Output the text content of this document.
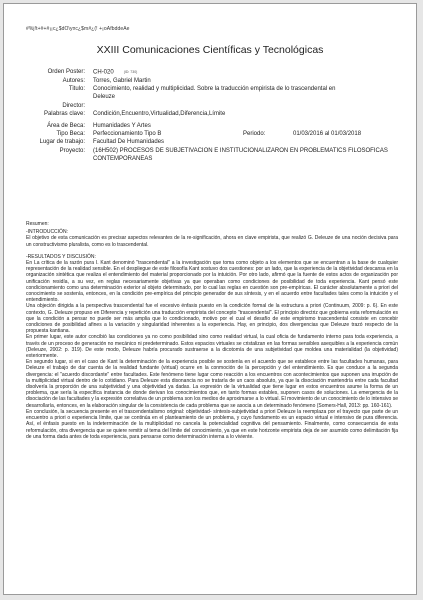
#%j!t+#+#¡¡c¿$dO\y¤c¿$m#¿(! +¡oAfbddeAe
XXIII Comunicaciones Científicas y Tecnológicas
Orden Poster:	CH-020	(ID: 730)
Autores:	Torres, Gabriel Martin
Titulo:	Conocimiento, realidad y multiplicidad. Sobre la traducción empirista de lo trascendental en
Deleuze
Director:
Palabras clave:	Condición,Encuentro,Virtualidad,Diferencia,Límite
Área de Beca:	Humanidades Y Artes
Tipo Beca:	Perfeccionamiento Tipo B	Periodo:	01/03/2016 al 01/03/2018
Lugar de trabajo:	Facultad De Humanidades
Proyecto:	(16H502) PROCESOS DE SUBJETIVACION E INSTITUCIONALIZARON EN PROBLEMATICS FILOSOFICAS
CONTEMPORANEAS

Resumen:

-INTRODUCCIÓN:

El objetivo de esta comunicación es precisar aspectos relevantes de la re-significación, ahora en clave empirista, que realizó G. Deleuze de una noción decisiva para un constructivismo pluralista, como es lo trascendental.

-RESULTADOS Y DISCUSIÓN:

En La crítica de la razón pura I. Kant denominó "trascendental" a la investigación que toma como objeto a los elementos que se encuentran a la base de cualquier representación de la realidad sensible. En el despliegue de este filosofía Kant sostuvo dos cuestiones: por un lado, que la experiencia de la objetividad descansa en la organización sintética que realiza el entendimiento del material proporcionado por la intuición. Por otro lado, afirmó que la fuente de estos actos de organización por unificación residía, a su vez, en reglas necesariamente objetivas ya que operaban como condiciones de posibilidad de toda experiencia. Kant pensó este condicionamiento como una determinación exterior al objeto determinado, por lo cual las reglas en cuestión son pre-empíricas. El carácter absolutamente a priori del conocimiento se sostenía, entonces, en la condición pre-empírica del principio generador de sus síntesis, y en el acuerdo entre facultades tales como la intuición y el entendimiento.

Una objeción dirigida a la perspectiva trascendental fue el excesivo énfasis puesto en la condición formal de la estructura a priori (Continuum, 2009: p. 6). En este contexto, G. Deleuze propuso en Diferencia y repetición una traducción empirista del concepto "trascendental". El principio directriz que gobierna esta reformulación es que la condición a pensar no puede ser más amplia que lo condicionado, motivo por el cual el desafío de este empirismo trascendental consiste en concebir condiciones de posibilidad afines a la variación y singularidad inherentes a la experiencia. Hay, en principio, dos divergencias que Deleuze trazó respecto de la propuesta kantiana.

En primer lugar, este autor concibió las condiciones ya no como posibilidad sino como realidad virtual, la cual oficia de fundamento interno para toda experiencia, a través de un proceso de generación no mecánico ni predeterminado. Estos espacios virtuales se cristalizan en las formas sensibles asequibles a la experiencia común (Deleuze, 2002: p. 319). De este modo, Deleuze habría procurado sustraerse a la dicotomía de una subjetividad que moldea una materialidad (la objetividad) exteriormente.

En segundo lugar, si en el caso de Kant la determinación de la experiencia posible se sostenía en el acuerdo que se establece entre las facultades humanas, para Deleuze el trabajo de dar cuenta de la realidad fundante (virtual) ocurre en la conmoción de la percepción y del entendimiento. Es que conduce a la segunda divergencia: el "acuerdo discordante" entre facultades. Este fenómeno tiene lugar como reacción a los encuentros con acontecimientos que suponen una irrupción de la multiplicidad virtual dentro de lo cotidiano. Para Deleuze esta disonancia no se trataría de un caos absoluto, ya que la disociación mantendría entre cada facultad disolvería la proporción de una subjetividad y una objetividad ya dadas. La expresión de la virtualidad que tiene lugar en estos encuentros asume la forma de un problema, que sería la específica instancia de donde derivan los conocimientos que, en tanto formas estables, suponen casos de soluciones. La emergencia de la disociación de las facultades y la expresión correlativa de un problema son los medios de aproximarse a lo virtual. El movimiento de un conocimiento de lo intensivo se desarrollaría, entonces, en la elaboración singular de la consistencia de cada problema que se asocia a un determinado fenómeno (Somers-Hall, 2013: pp. 160-161).

En conclusión, la secuencia presente en el trascendentalismo original: objetividad- síntesis-subjetividad a priori Deleuze la reemplaza por el trayecto que parte de un encuentro a priori o experiencia límite, que se continúa en el planteamiento de un problema, y cuyo fundamento es un espacio virtual e intensivo de pura diferencia. Así, el énfasis puesto en la indeterminación de la multiplicidad no cancela la potencialidad cognitiva del pensamiento. Finalmente, como consecuencia de esta reformulación, otra divergencia que se quiere remitir al tema del límite del conocimiento, ya que en este horizonte empirista deja de ser asumido como delimitación fija de una forma dada antes de toda experiencia, para pensarse como determinación interna a lo viviente.
